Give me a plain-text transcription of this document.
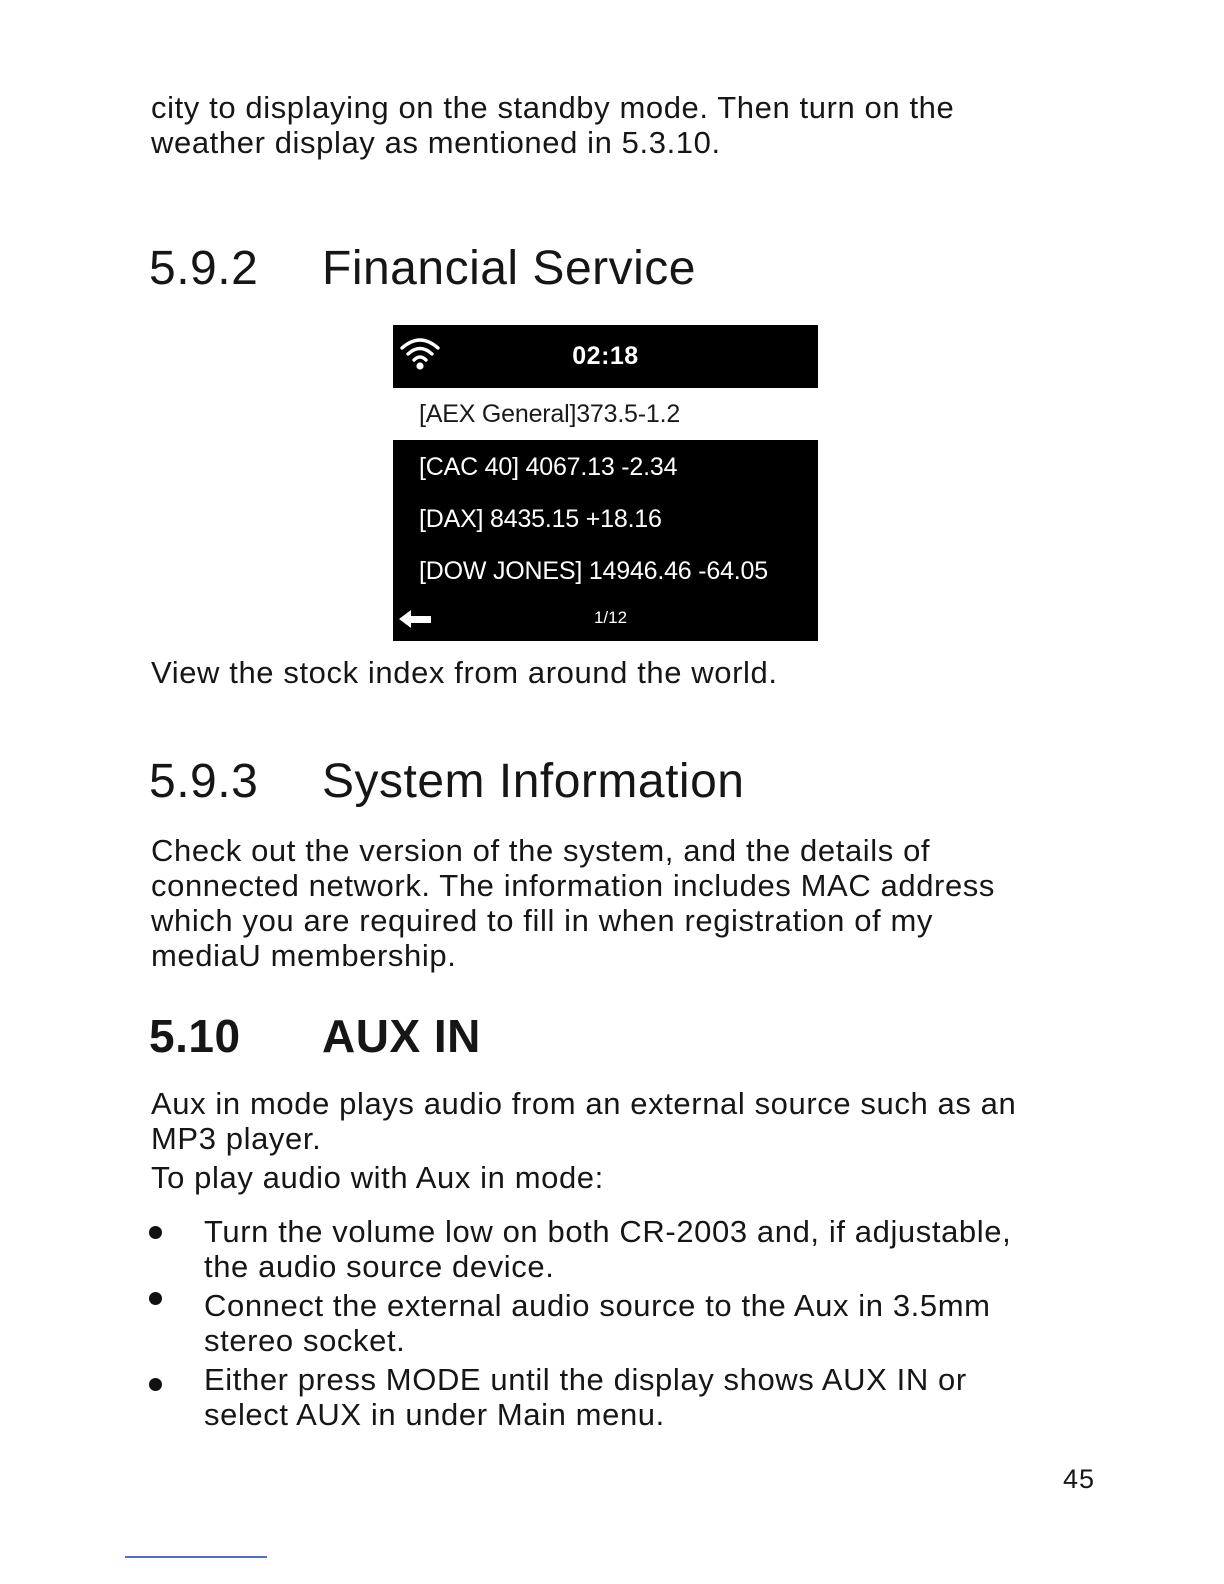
city to displaying on the standby mode. Then turn on the
weather display as mentioned in 5.3.10.

5.9.2 Financial Service
02:18
[AEX General]373.5-1.2
[CAC 40] 4067.13 -2.34
[DAX] 8435.15 +18.16
[DOW JONES] 14946.46 -64.05
1/12

View the stock index from around the world.

5.9.3 System Information

Check out the version of the system, and the details of
connected network. The information includes MAC address
which you are required to fill in when registration of my
mediaU membership.

5.10 AUX IN

Aux in mode plays audio from an external source such as an
MP3 player.
To play audio with Aux in mode:

Turn the volume low on both CR-2003 and, if adjustable,
the audio source device.
Connect the external audio source to the Aux in 3.5mm
stereo socket.
Either press MODE until the display shows AUX IN or
select AUX in under Main menu.
45
